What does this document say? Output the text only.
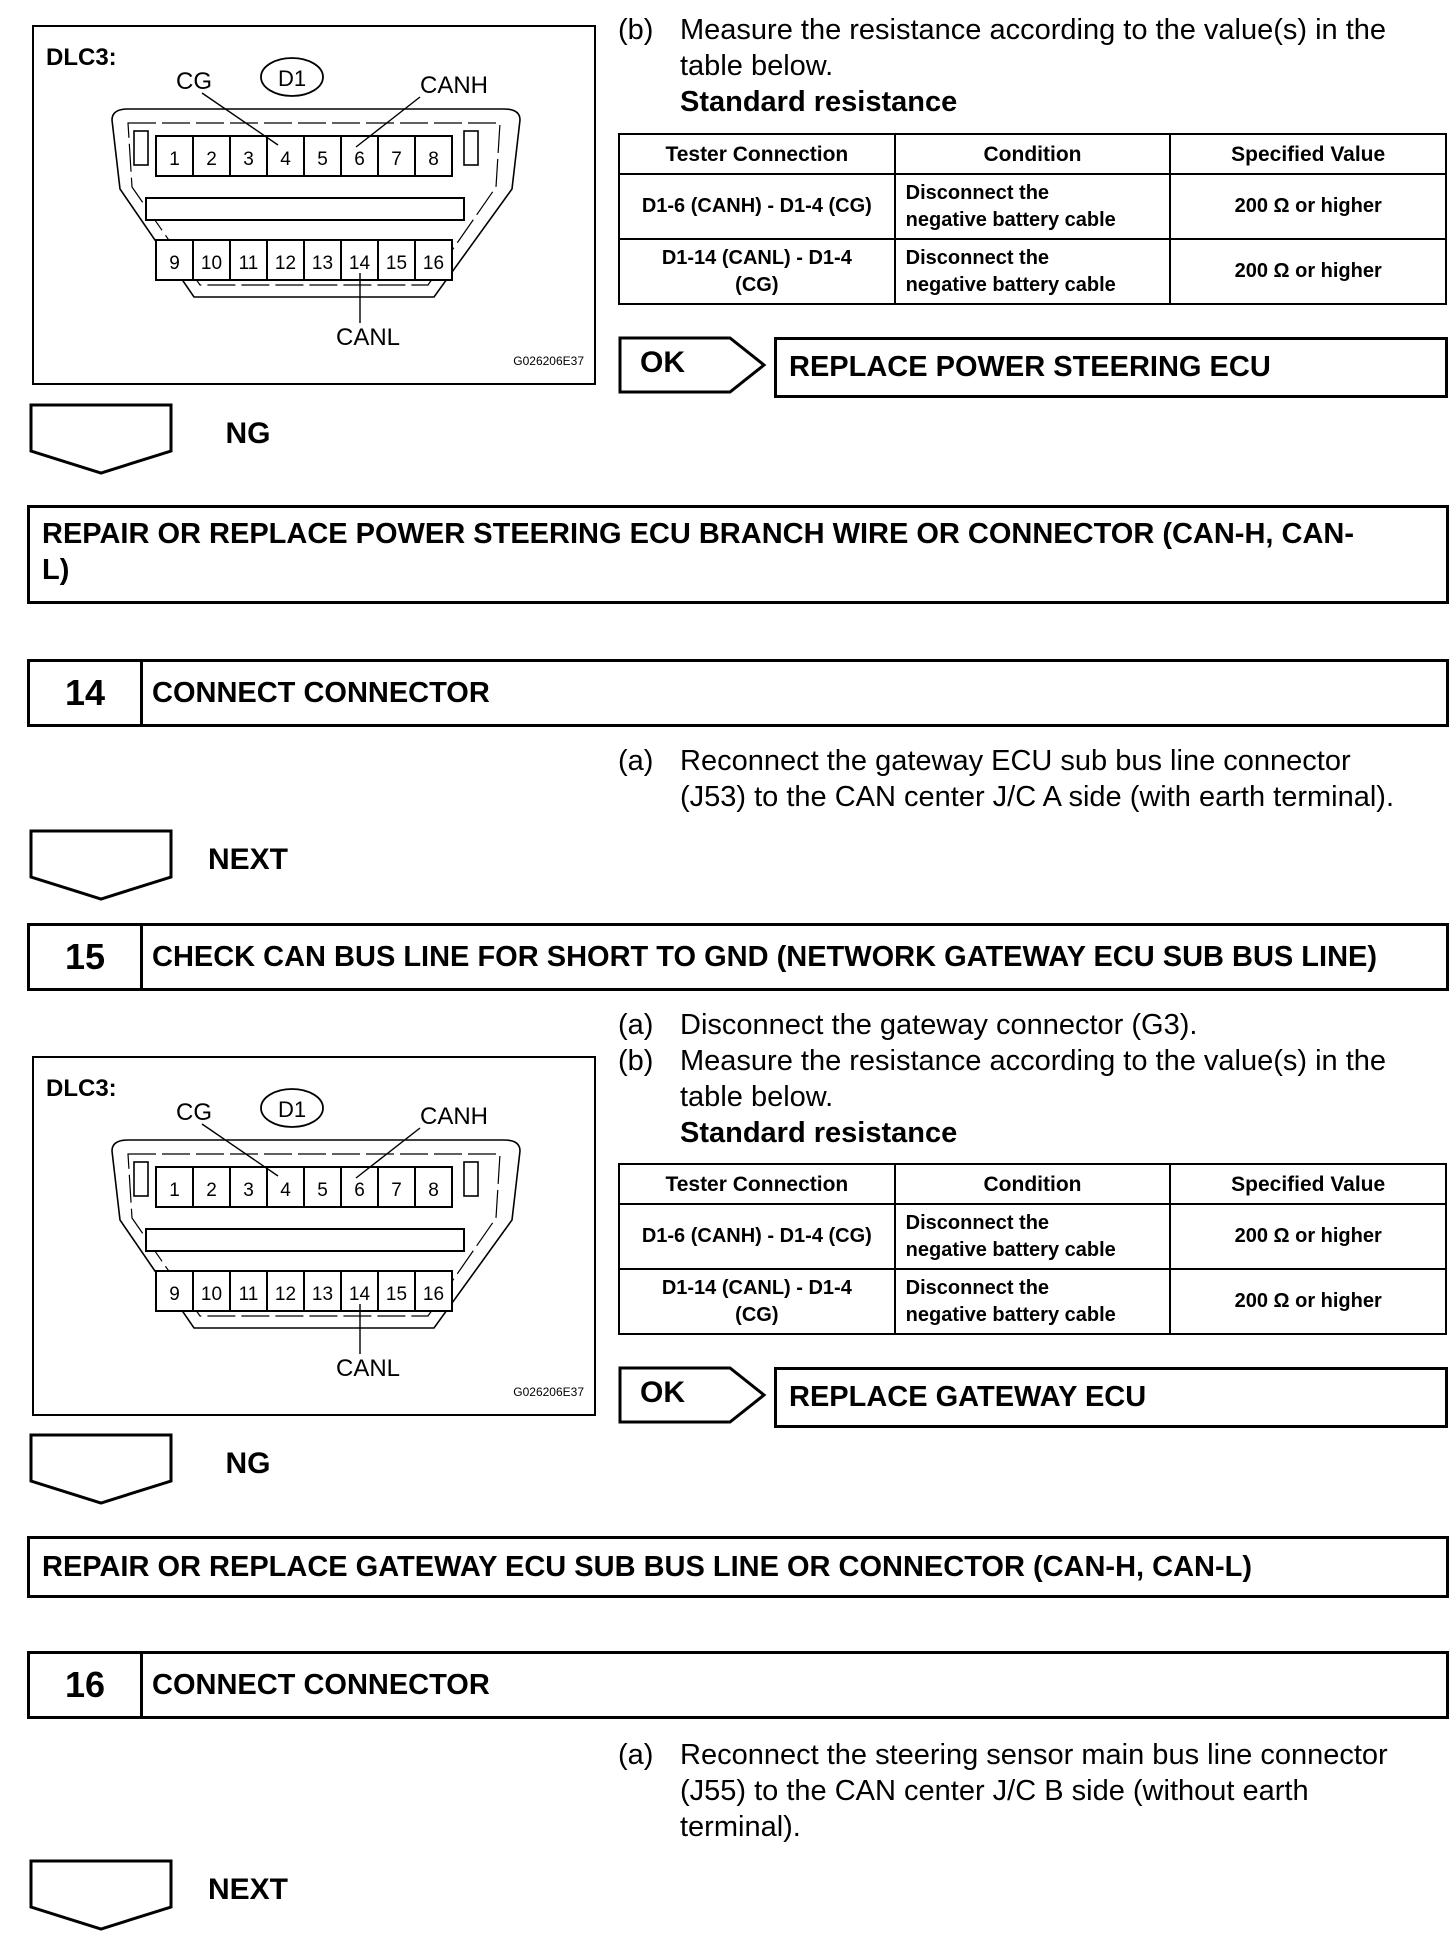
DLC3:
1
9
2
10
3
11
4
12
5
13
6
14
7
15
8
16
D1
CG	CANH
CANL
G026206E37
(b) Measure the resistance according to the value(s) in the
table below.
Standard resistance
Tester Connection	Condition	Specified Value
D1-6 (CANH) - D1-4 (CG)	Disconnect the
negative battery cable	200 Ω or higher
D1-14 (CANL) - D1-4
(CG)	Disconnect the
negative battery cable	200 Ω or higher
OK	REPLACE POWER STEERING ECU
NG
REPAIR OR REPLACE POWER STEERING ECU BRANCH WIRE OR CONNECTOR (CAN-H, CAN-
L)
14	CONNECT CONNECTOR
(a) Reconnect the gateway ECU sub bus line connector
(J53) to the CAN center J/C A side (with earth terminal).
NEXT
15	CHECK CAN BUS LINE FOR SHORT TO GND (NETWORK GATEWAY ECU SUB BUS LINE)
DLC3:
1
9
2
10
3
11
4
12
5
13
6
14
7
15
8
16
D1
CG	CANH
CANL
G026206E37
(a) Disconnect the gateway connector (G3).
(b) Measure the resistance according to the value(s) in the
table below.
Standard resistance
Tester Connection	Condition	Specified Value
D1-6 (CANH) - D1-4 (CG)	Disconnect the
negative battery cable	200 Ω or higher
D1-14 (CANL) - D1-4
(CG)	Disconnect the
negative battery cable	200 Ω or higher
OK	REPLACE GATEWAY ECU
NG
REPAIR OR REPLACE GATEWAY ECU SUB BUS LINE OR CONNECTOR (CAN-H, CAN-L)
16	CONNECT CONNECTOR
(a) Reconnect the steering sensor main bus line connector
(J55) to the CAN center J/C B side (without earth
terminal).
NEXT
